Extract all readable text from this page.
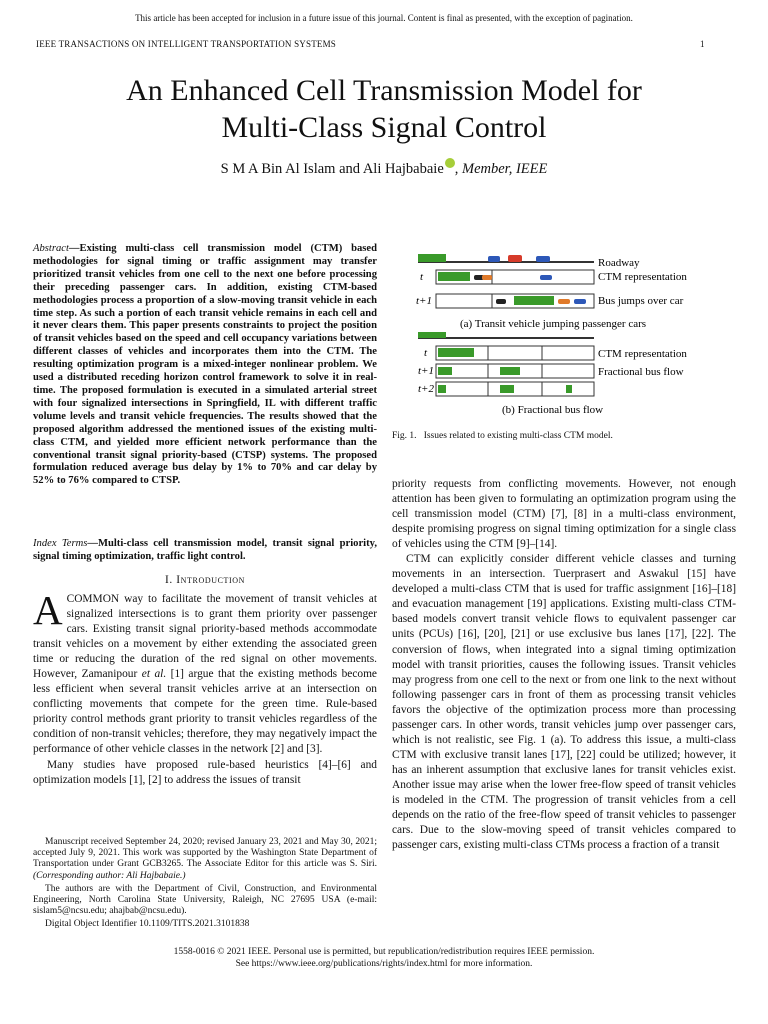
This article has been accepted for inclusion in a future issue of this journal. Content is final as presented, with the exception of pagination.
IEEE TRANSACTIONS ON INTELLIGENT TRANSPORTATION SYSTEMS	1
An Enhanced Cell Transmission Model for
Multi-Class Signal Control
S M A Bin Al Islam and Ali Hajbabaie , Member, IEEE
Abstract—Existing multi-class cell transmission model (CTM) based methodologies for signal timing or traffic assignment may transfer prioritized transit vehicles from one cell to the next one before processing their preceding passenger cars. In addition, existing CTM-based methodologies process a proportion of a slow-moving transit vehicle in each time step. As such a portion of each transit vehicle remains in each cell and it never clears them. This paper presents constraints to project the position of transit vehicles based on the speed and cell occupancy variations between different classes of vehicles and incorporates them into the CTM. The resulting optimization program is a mixed-integer nonlinear problem. We used a distributed receding horizon control framework to solve it in real-time. The proposed formulation is executed in a simulated arterial street with four signalized intersections in Springfield, IL with different traffic volume levels and transit vehicle frequencies. The results showed that the proposed algorithm addressed the mentioned issues of the existing multi-class CTM, and yielded more efficient network performance than the conventional transit signal priority-based (CTSP) systems. The proposed formulation reduced average bus delay by 1% to 70% and car delay by 52% to 76% compared to CTSP.
Index Terms—Multi-class cell transmission model, transit signal priority, signal timing optimization, traffic light control.
I. Introduction

ACOMMON way to facilitate the movement of transit vehicles at signalized intersections is to grant them priority over passenger cars. Existing transit signal priority-based methods accommodate transit vehicles on a movement by either extending the associated green time or reducing the duration of the red signal on other movements. However, Zamanipour et al. [1] argue that the existing methods become less efficient when several transit vehicles arrive at an intersection on conflicting movements that compete for the green time. Rule-based priority control methods grant priority to transit vehicles regardless of the condition of non-transit vehicles; therefore, they may negatively impact the performance of other vehicle classes in the network [2] and [3].

Many studies have proposed rule-based heuristics [4]–[6] and optimization models [1], [2] to address the issues of transit

Manuscript received September 24, 2020; revised January 23, 2021 and May 30, 2021; accepted July 9, 2021. This work was supported by the Washington State Department of Transportation under Grant GCB3265. The Associate Editor for this article was S. Siri. (Corresponding author: Ali Hajbabaie.)

The authors are with the Department of Civil, Construction, and Environmental Engineering, North Carolina State University, Raleigh, NC 27695 USA (e-mail: sislam5@ncsu.edu; ahajbab@ncsu.edu).

Digital Object Identifier 10.1109/TITS.2021.3101838

Roadway
t	CTM representation
t+1	Bus jumps over car
(a) Transit vehicle jumping passenger cars
t	CTM representation
t+1	Fractional bus flow
t+2
(b) Fractional bus flow
Fig. 1. Issues related to existing multi-class CTM model.

priority requests from conflicting movements. However, not enough attention has been given to formulating an optimization program using the cell transmission model (CTM) [7], [8] in a multi-class environment, despite promising progress on signal timing optimization for a single class of vehicles using the CTM [9]–[14].

CTM can explicitly consider different vehicle classes and turning movements in an intersection. Tuerprasert and Aswakul [15] have developed a multi-class CTM that is used for traffic assignment [16]–[18] and evacuation management [19] applications. Existing multi-class CTM-based models convert transit vehicle flows to equivalent passenger car units (PCUs) [16], [20], [21] or use exclusive bus lanes [17], [22]. The conversion of flows, when integrated into a signal timing optimization model with transit priorities, causes the following issues. Transit vehicles may progress from one cell to the next or from one link to the next without following passenger cars in front of them as processing transit vehicles favors the objective of the optimization process more than processing passenger cars. In other words, transit vehicles jump over passenger cars, which is not realistic, see Fig. 1 (a). To address this issue, a multi-class CTM with exclusive transit lanes [17], [22] could be utilized; however, it has an inherent assumption that exclusive lanes for transit vehicles exist. Another issue may arise when the lower free-flow speed of transit vehicles is modeled in the CTM. The progression of transit vehicles from a cell depends on the ratio of the free-flow speed of transit vehicles to passenger cars. Due to the slow-moving speed of transit vehicles compared to passenger cars, existing multi-class CTMs process a fraction of a transit

1558-0016 © 2021 IEEE. Personal use is permitted, but republication/redistribution requires IEEE permission.
See https://www.ieee.org/publications/rights/index.html for more information.
